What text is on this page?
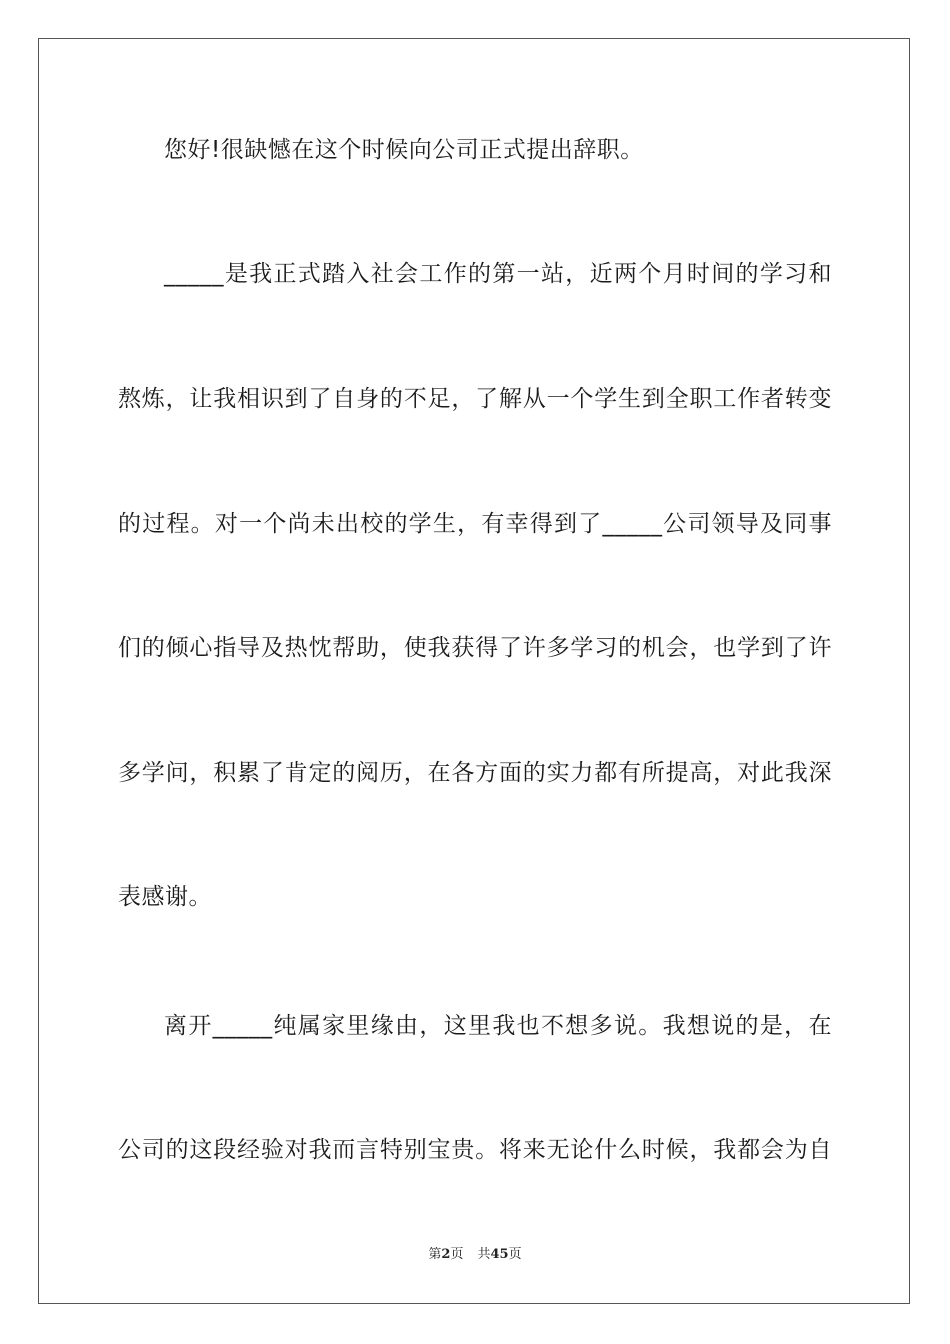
您好!很缺憾在这个时候向公司正式提出辞职。
_____是我正式踏入社会工作的第一站，近两个月时间的学习和
熬炼，让我相识到了自身的不足，了解从一个学生到全职工作者转变
的过程。对一个尚未出校的学生，有幸得到了_____公司领导及同事
们的倾心指导及热忱帮助，使我获得了许多学习的机会，也学到了许
多学问，积累了肯定的阅历，在各方面的实力都有所提高，对此我深
表感谢。
离开_____纯属家里缘由，这里我也不想多说。我想说的是，在
公司的这段经验对我而言特别宝贵。将来无论什么时候，我都会为自
第2页 共45页
